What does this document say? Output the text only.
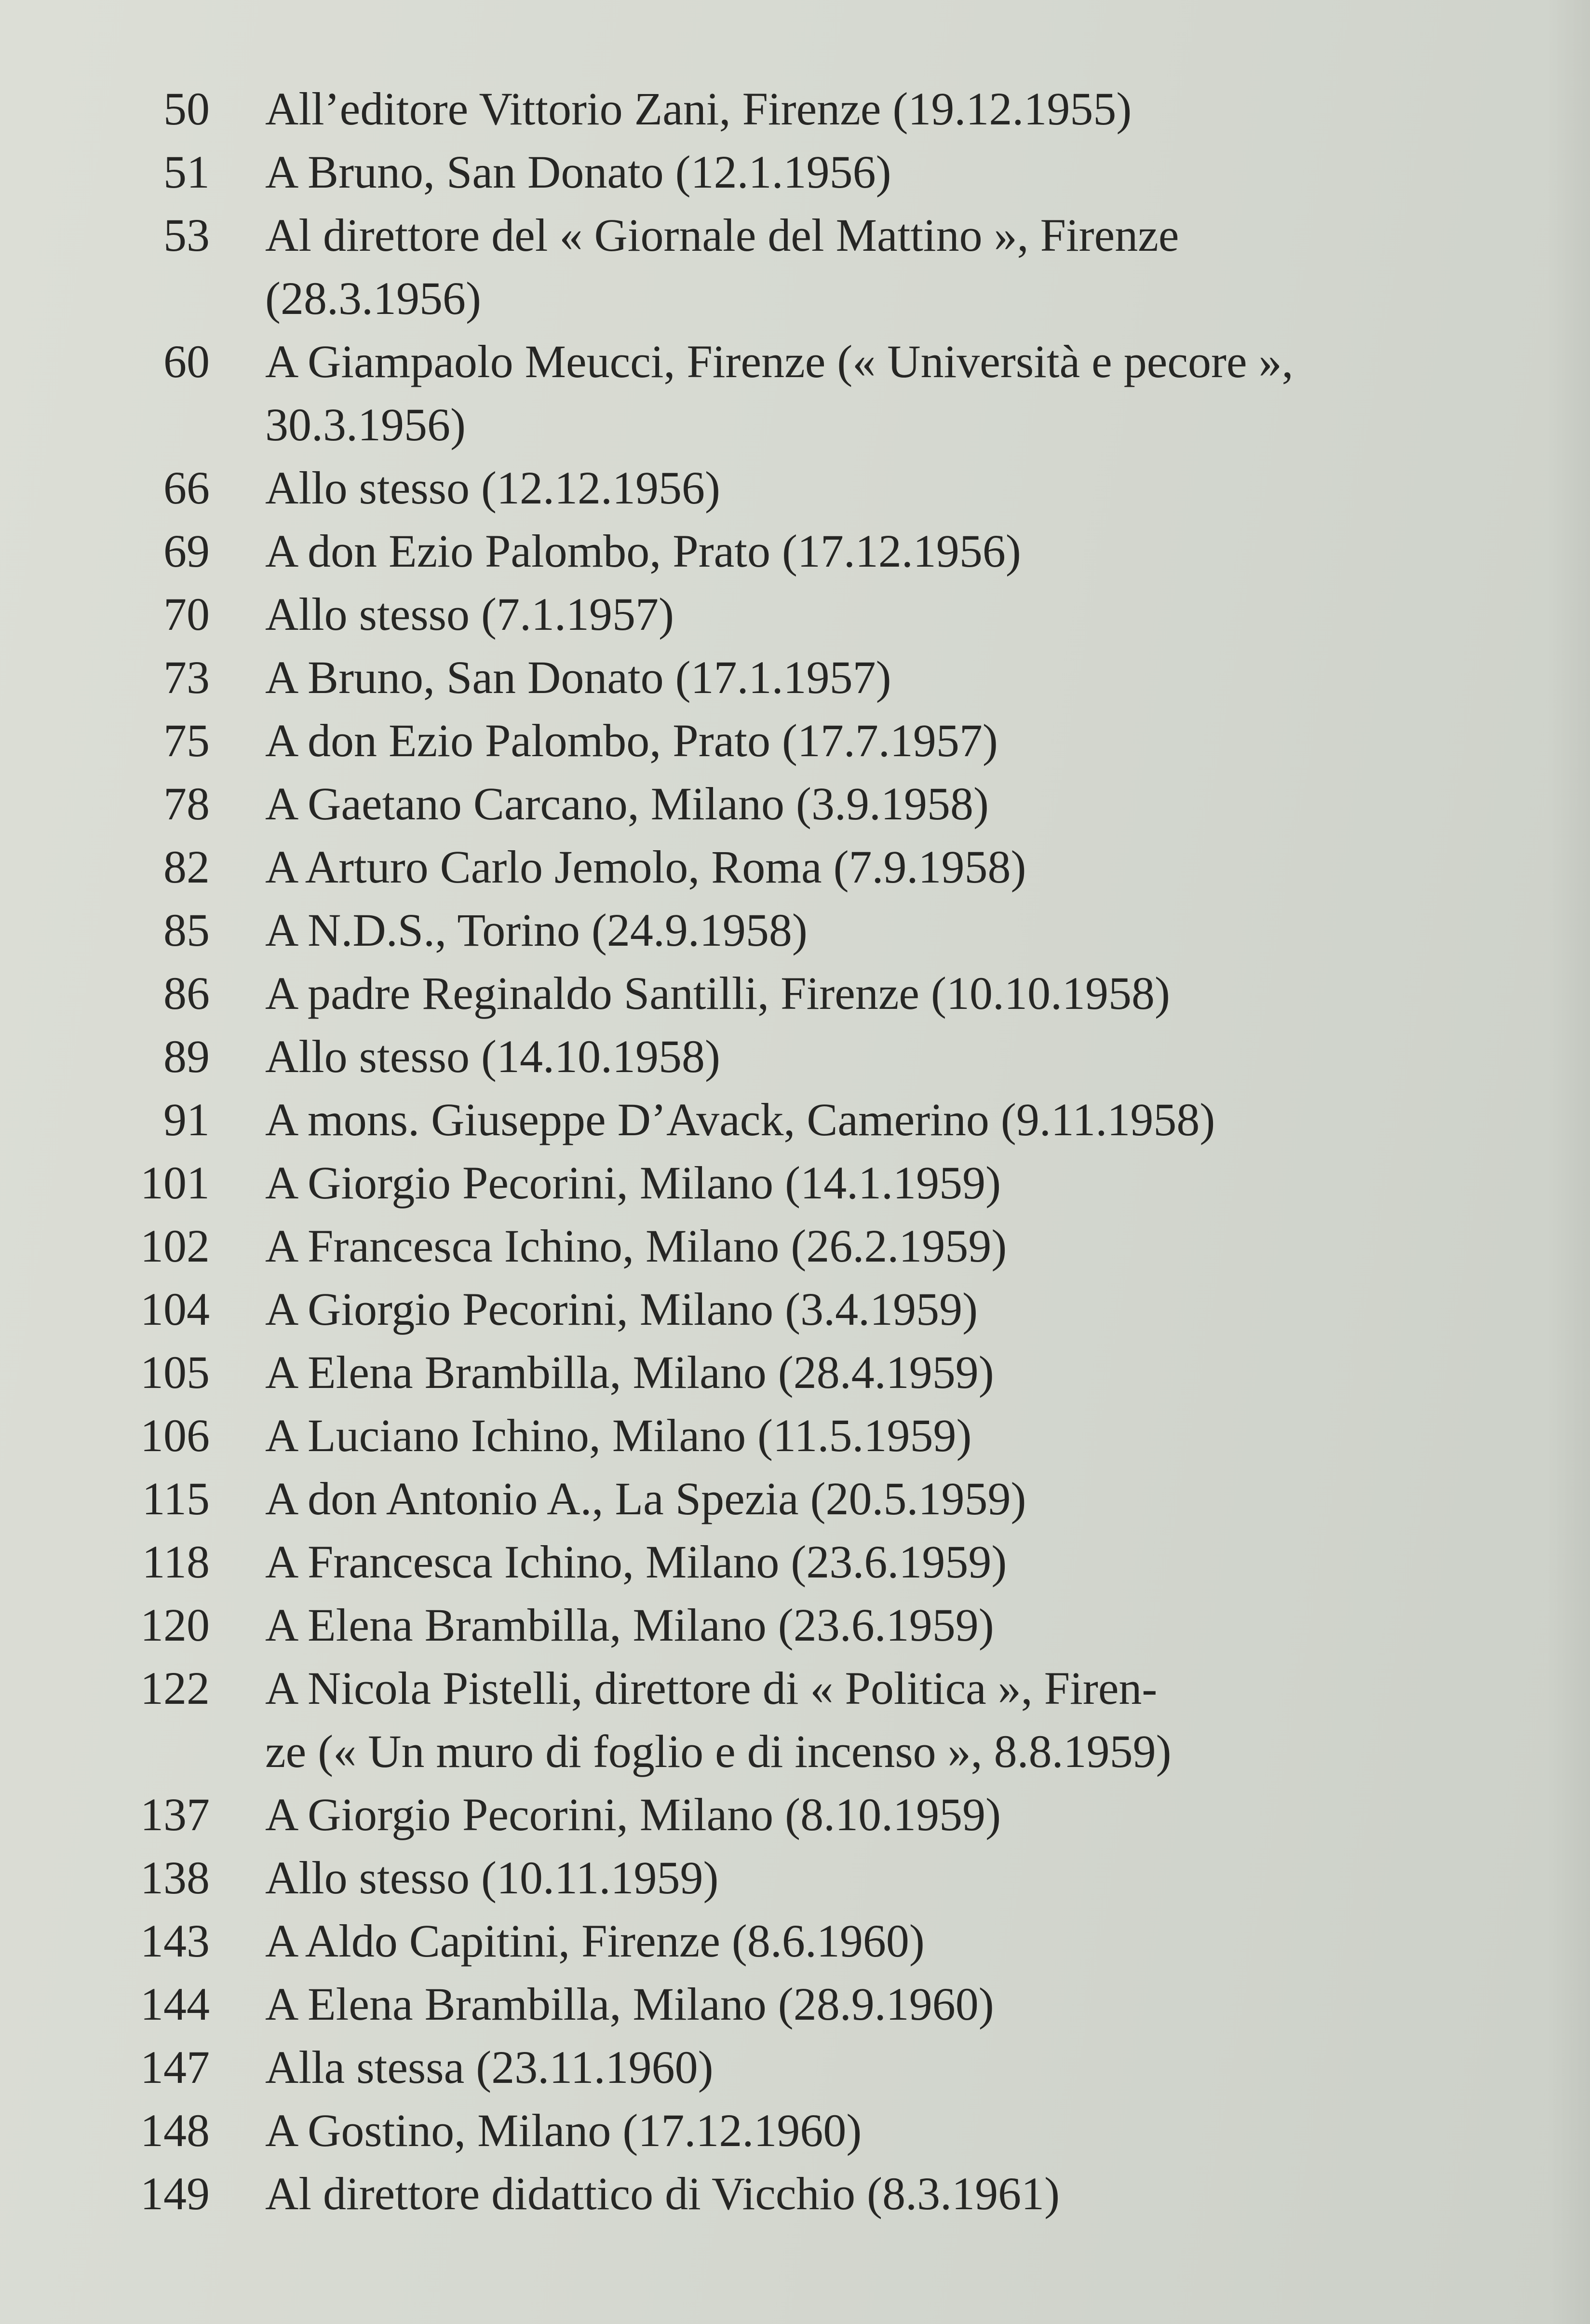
50	All’editore Vittorio Zani, Firenze (19.12.1955)
51	A Bruno, San Donato (12.1.1956)
53	Al direttore del « Giornale del Mattino », Firenze
(28.3.1956)
60	A Giampaolo Meucci, Firenze (« Università e pecore »,
30.3.1956)
66	Allo stesso (12.12.1956)
69	A don Ezio Palombo, Prato (17.12.1956)
70	Allo stesso (7.1.1957)
73	A Bruno, San Donato (17.1.1957)
75	A don Ezio Palombo, Prato (17.7.1957)
78	A Gaetano Carcano, Milano (3.9.1958)
82	A Arturo Carlo Jemolo, Roma (7.9.1958)
85	A N.D.S., Torino (24.9.1958)
86	A padre Reginaldo Santilli, Firenze (10.10.1958)
89	Allo stesso (14.10.1958)
91	A mons. Giuseppe D’Avack, Camerino (9.11.1958)
101	A Giorgio Pecorini, Milano (14.1.1959)
102	A Francesca Ichino, Milano (26.2.1959)
104	A Giorgio Pecorini, Milano (3.4.1959)
105	A Elena Brambilla, Milano (28.4.1959)
106	A Luciano Ichino, Milano (11.5.1959)
115	A don Antonio A., La Spezia (20.5.1959)
118	A Francesca Ichino, Milano (23.6.1959)
120	A Elena Brambilla, Milano (23.6.1959)
122	A Nicola Pistelli, direttore di « Politica », Firen-
ze (« Un muro di foglio e di incenso », 8.8.1959)
137	A Giorgio Pecorini, Milano (8.10.1959)
138	Allo stesso (10.11.1959)
143	A Aldo Capitini, Firenze (8.6.1960)
144	A Elena Brambilla, Milano (28.9.1960)
147	Alla stessa (23.11.1960)
148	A Gostino, Milano (17.12.1960)
149	Al direttore didattico di Vicchio (8.3.1961)
